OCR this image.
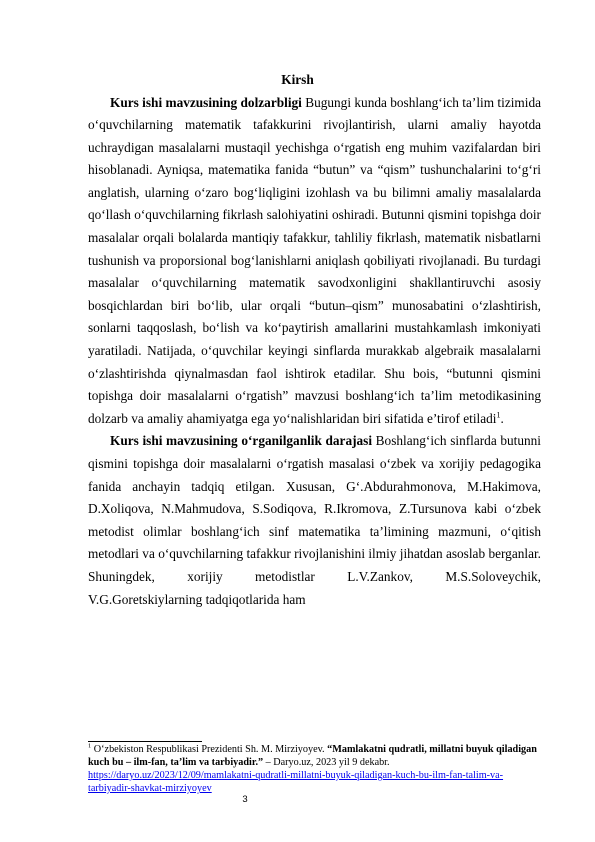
Kirsh

Kurs ishi mavzusining dolzarbligi Bugungi kunda boshlang‘ich ta’lim tizimida o‘quvchilarning matematik tafakkurini rivojlantirish, ularni amaliy hayotda uchraydigan masalalarni mustaqil yechishga o‘rgatish eng muhim vazifalardan biri hisoblanadi. Ayniqsa, matematika fanida “butun” va “qism” tushunchalarini to‘g‘ri anglatish, ularning o‘zaro bog‘liqligini izohlash va bu bilimni amaliy masalalarda qo‘llash o‘quvchilarning fikrlash salohiyatini oshiradi. Butunni qismini topishga doir masalalar orqali bolalarda mantiqiy tafakkur, tahliliy fikrlash, matematik nisbatlarni tushunish va proporsional bog‘lanishlarni aniqlash qobiliyati rivojlanadi. Bu turdagi masalalar o‘quvchilarning matematik savodxonligini shakllantiruvchi asosiy bosqichlardan biri bo‘lib, ular orqali “butun–qism” munosabatini o‘zlashtirish, sonlarni taqqoslash, bo‘lish va ko‘paytirish amallarini mustahkamlash imkoniyati yaratiladi. Natijada, o‘quvchilar keyingi sinflarda murakkab algebraik masalalarni o‘zlashtirishda qiynalmasdan faol ishtirok etadilar. Shu bois, “butunni qismini topishga doir masalalarni o‘rgatish” mavzusi boshlang‘ich ta’lim metodikasining dolzarb va amaliy ahamiyatga ega yo‘nalishlaridan biri sifatida e’tirof etiladi$^1$.

Kurs ishi mavzusining o‘rganilganlik darajasi Boshlang‘ich sinflarda butunni qismini topishga doir masalalarni o‘rgatish masalasi o‘zbek va xorijiy pedagogika fanida anchayin tadqiq etilgan. Xususan, G‘.Abdurahmonova, M.Hakimova, D.Xoliqova, N.Mahmudova, S.Sodiqova, R.Ikromova, Z.Tursunova kabi o‘zbek metodist olimlar boshlang‘ich sinf matematika ta’limining mazmuni, o‘qitish metodlari va o‘quvchilarning tafakkur rivojlanishini ilmiy jihatdan asoslab berganlar. Shuningdek, xorijiy metodistlar L.V.Zankov, M.S.Soloveychik, V.G.Goretskiylarning tadqiqotlarida ham

$^1$ O‘zbekiston Respublikasi Prezidenti Sh. M. Mirziyoyev. “Mamlakatni qudratli, millatni buyuk qiladigan kuch bu – ilm-fan, ta’lim va tarbiyadir.” – Daryo.uz, 2023 yil 9 dekabr. https://daryo.uz/2023/12/09/mamlakatni-qudratli-millatni-buyuk-qiladigan-kuch-bu-ilm-fan-talim-va-tarbiyadir-shavkat-mirziyoyev

3
